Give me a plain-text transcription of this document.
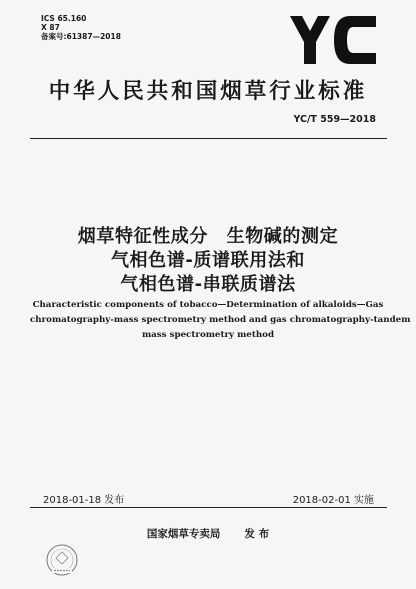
ICS 65.160
X 87
备案号:61387—2018
中华人民共和国烟草行业标准
YC/T 559—2018
烟草特征性成分　生物碱的测定
气相色谱-质谱联用法和
气相色谱-串联质谱法
Characteristic components of tobacco—Determination of alkaloids—Gas
chromatography-mass spectrometry method and gas chromatography-tandem
mass spectrometry method
2018-01-18 发布	2018-02-01 实施
国家烟草专卖局 发 布
